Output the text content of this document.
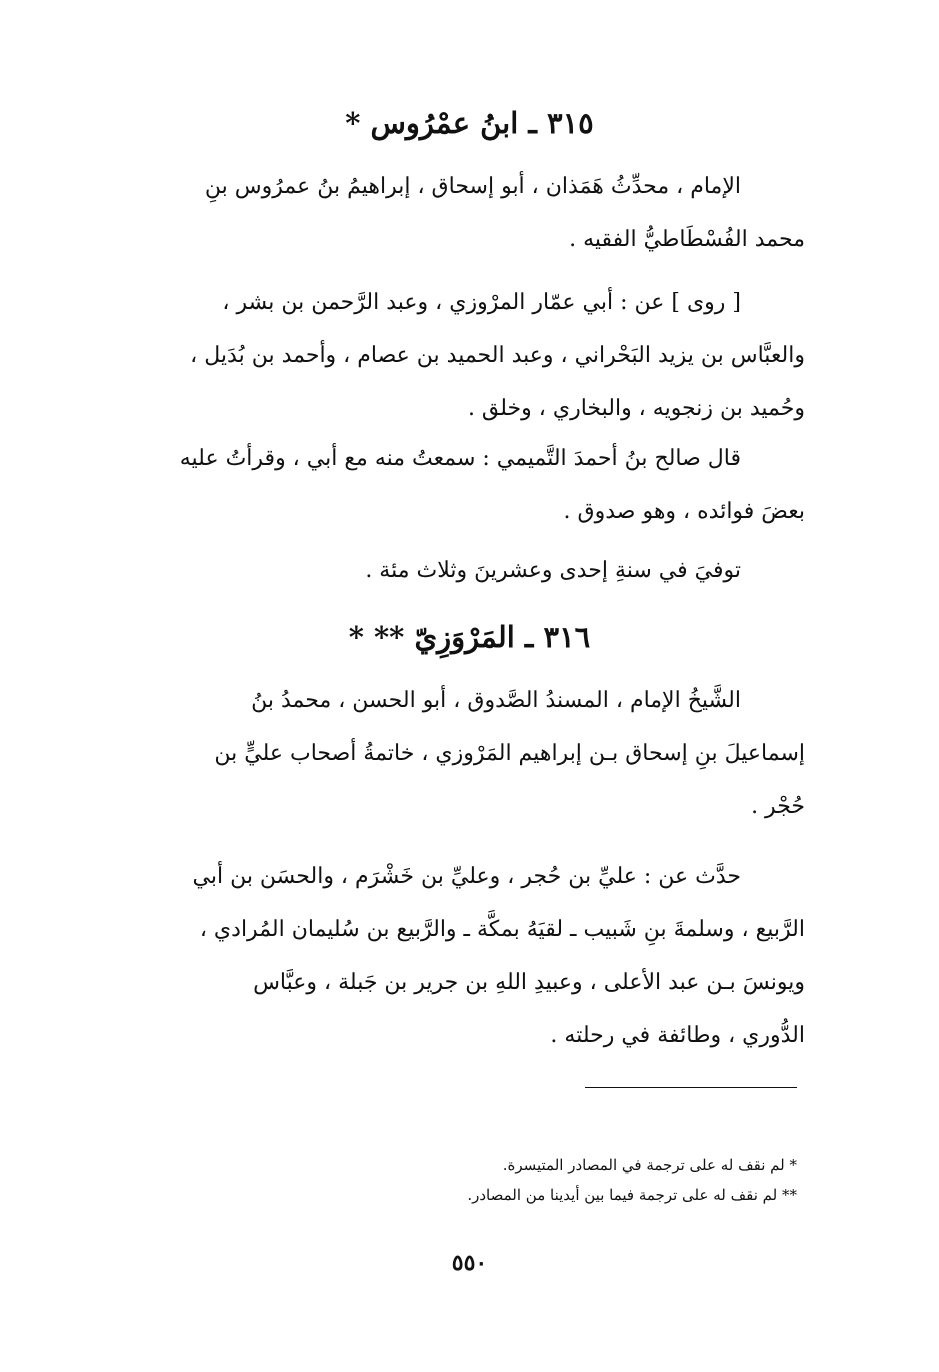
٣١٥ ـ ابنُ عمْرُوس *

الإمام ، محدِّثُ هَمَذان ، أبو إسحاق ، إبراهيمُ بنُ عمرُوس بنِ
محمد الفُسْطَاطيُّ الفقيه .

[ روى ] عن : أبي عمّار المرْوزي ، وعبد الرَّحمن بن بشر ،
والعبَّاس بن يزيد البَحْراني ، وعبد الحميد بن عصام ، وأحمد بن بُدَيل ،
وحُميد بن زنجويه ، والبخاري ، وخلق .

قال صالح بنُ أحمدَ التَّميمي : سمعتُ منه مع أبي ، وقرأتُ عليه
بعضَ فوائده ، وهو صدوق .

توفيَ في سنةِ إحدى وعشرينَ وثلاث مئة .

٣١٦ ـ المَرْوَزِيّ ** *

الشَّيخُ الإمام ، المسندُ الصَّدوق ، أبو الحسن ، محمدُ بنُ
إسماعيلَ بنِ إسحاق بـن إبراهيم المَرْوزي ، خاتمةُ أصحاب عليٍّ بن
حُجْر .

حدَّث عن : عليِّ بن حُجر ، وعليِّ بن خَشْرَم ، والحسَن بن أبي
الرَّبيع ، وسلمةَ بنِ شَبيب ـ لقيَهُ بمكَّة ـ والرَّبيع بن سُليمان المُرادي ،
ويونسَ بـن عبد الأعلى ، وعبيدِ اللهِ بن جرير بن جَبلة ، وعبَّاس
الدُّوري ، وطائفة في رحلته .

* لم نقف له على ترجمة في المصادر المتيسرة.
** لم نقف له على ترجمة فيما بين أيدينا من المصادر.
٥٥٠
